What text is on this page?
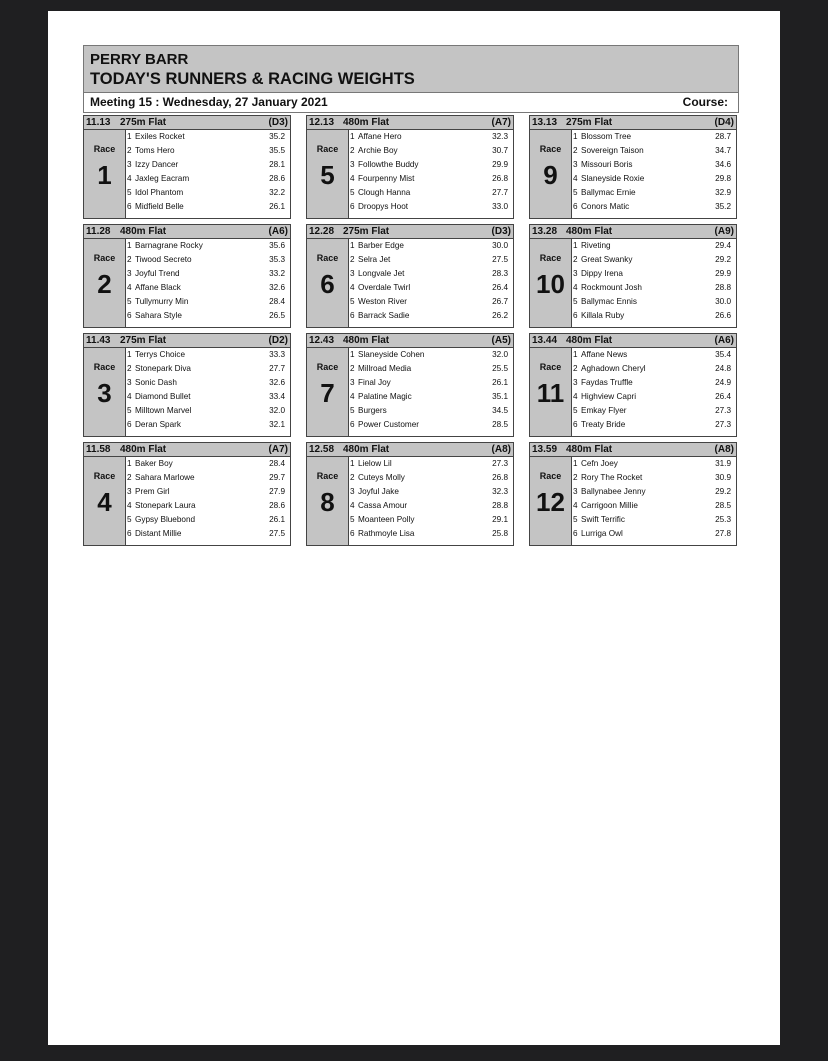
PERRY BARR
TODAY'S RUNNERS & RACING WEIGHTS
Meeting 15 : Wednesday, 27 January 2021	Course:
11.13 275m Flat	(D3)
Race
1
1 Exiles Rocket	35.2
2 Toms Hero	35.5
3 Izzy Dancer	28.1
4 Jaxleg Eacram	28.6
5 Idol Phantom	32.2
6 Midfield Belle	26.1
11.28 480m Flat	(A6)
Race
2
1 Barnagrane Rocky	35.6
2 Tiwood Secreto	35.3
3 Joyful Trend	33.2
4 Affane Black	32.6
5 Tullymurry Min	28.4
6 Sahara Style	26.5
11.43 275m Flat	(D2)
Race
3
1 Terrys Choice	33.3
2 Stonepark Diva	27.7
3 Sonic Dash	32.6
4 Diamond Bullet	33.4
5 Milltown Marvel	32.0
6 Deran Spark	32.1
11.58 480m Flat	(A7)
Race
4
1 Baker Boy	28.4
2 Sahara Marlowe	29.7
3 Prem Girl	27.9
4 Stonepark Laura	28.6
5 Gypsy Bluebond	26.1
6 Distant Millie	27.5
12.13 480m Flat	(A7)
Race
5
1 Affane Hero	32.3
2 Archie Boy	30.7
3 Followthe Buddy	29.9
4 Fourpenny Mist	26.8
5 Clough Hanna	27.7
6 Droopys Hoot	33.0
12.28 275m Flat	(D3)
Race
6
1 Barber Edge	30.0
2 Selra Jet	27.5
3 Longvale Jet	28.3
4 Overdale Twirl	26.4
5 Weston River	26.7
6 Barrack Sadie	26.2
12.43 480m Flat	(A5)
Race
7
1 Slaneyside Cohen	32.0
2 Millroad Media	25.5
3 Final Joy	26.1
4 Palatine Magic	35.1
5 Burgers	34.5
6 Power Customer	28.5
12.58 480m Flat	(A8)
Race
8
1 Lielow Lil	27.3
2 Cuteys Molly	26.8
3 Joyful Jake	32.3
4 Cassa Amour	28.8
5 Moanteen Polly	29.1
6 Rathmoyle Lisa	25.8
13.13 275m Flat	(D4)
Race
9
1 Blossom Tree	28.7
2 Sovereign Taison	34.7
3 Missouri Boris	34.6
4 Slaneyside Roxie	29.8
5 Ballymac Ernie	32.9
6 Conors Matic	35.2
13.28 480m Flat	(A9)
Race
10
1 Riveting	29.4
2 Great Swanky	29.2
3 Dippy Irena	29.9
4 Rockmount Josh	28.8
5 Ballymac Ennis	30.0
6 Killala Ruby	26.6
13.44 480m Flat	(A6)
Race
11
1 Affane News	35.4
2 Aghadown Cheryl	24.8
3 Faydas Truffle	24.9
4 Highview Capri	26.4
5 Emkay Flyer	27.3
6 Treaty Bride	27.3
13.59 480m Flat	(A8)
Race
12
1 Cefn Joey	31.9
2 Rory The Rocket	30.9
3 Ballynabee Jenny	29.2
4 Carrigoon Millie	28.5
5 Swift Terrific	25.3
6 Lurriga Owl	27.8
